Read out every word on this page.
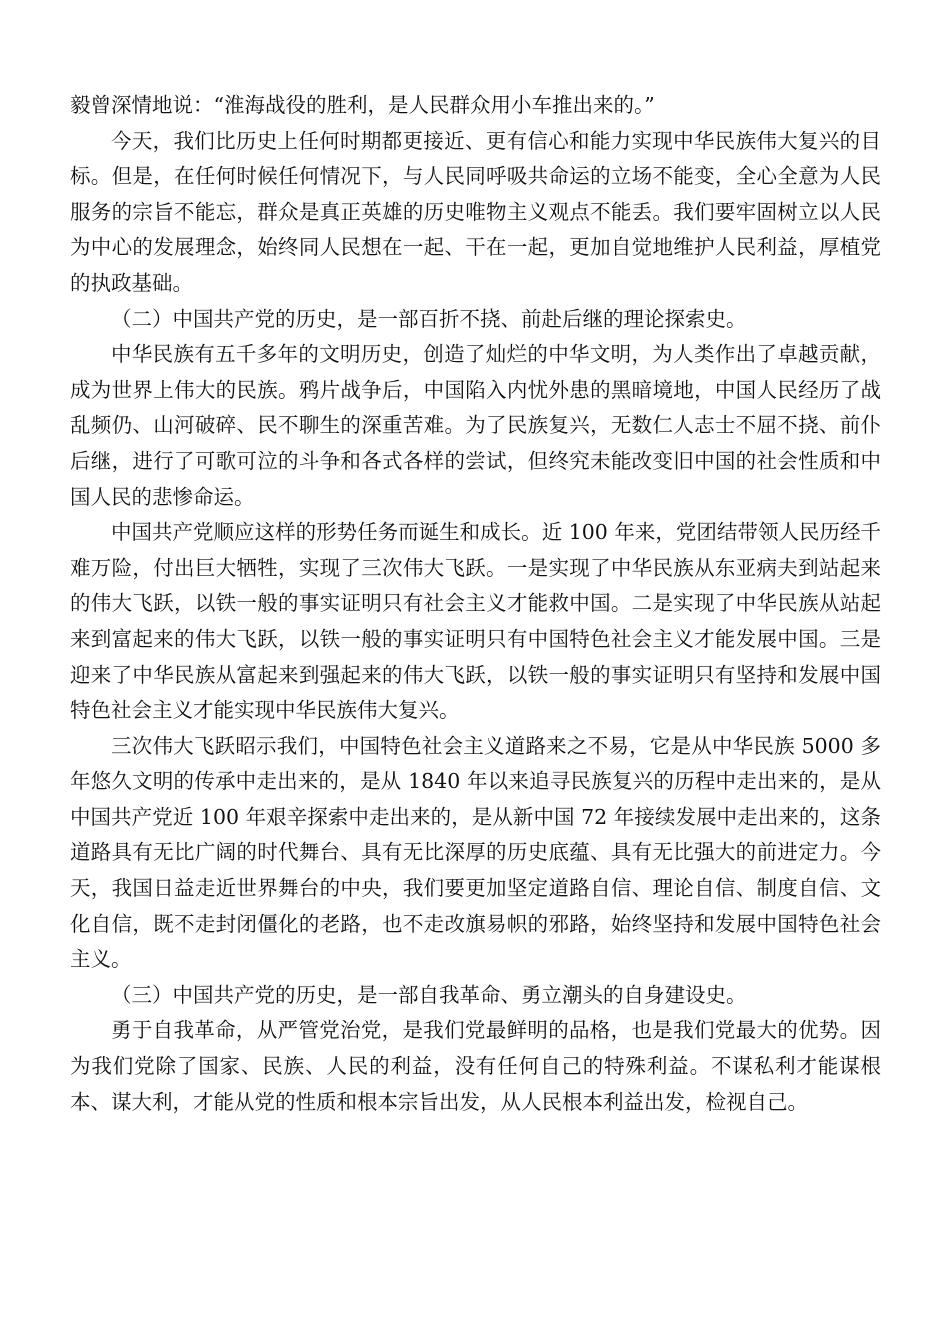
毅曾深情地说：“淮海战役的胜利，是人民群众用小车推出来的。”

今天，我们比历史上任何时期都更接近、更有信心和能力实现中华民族伟大复兴的目标。但是，在任何时候任何情况下，与人民同呼吸共命运的立场不能变，全心全意为人民服务的宗旨不能忘，群众是真正英雄的历史唯物主义观点不能丢。我们要牢固树立以人民为中心的发展理念，始终同人民想在一起、干在一起，更加自觉地维护人民利益，厚植党的执政基础。

（二）中国共产党的历史，是一部百折不挠、前赴后继的理论探索史。

中华民族有五千多年的文明历史，创造了灿烂的中华文明，为人类作出了卓越贡献，成为世界上伟大的民族。鸦片战争后，中国陷入内忧外患的黑暗境地，中国人民经历了战乱频仍、山河破碎、民不聊生的深重苦难。为了民族复兴，无数仁人志士不屈不挠、前仆后继，进行了可歌可泣的斗争和各式各样的尝试，但终究未能改变旧中国的社会性质和中国人民的悲惨命运。

中国共产党顺应这样的形势任务而诞生和成长。近 100 年来，党团结带领人民历经千难万险，付出巨大牺牲，实现了三次伟大飞跃。一是实现了中华民族从东亚病夫到站起来的伟大飞跃，以铁一般的事实证明只有社会主义才能救中国。二是实现了中华民族从站起来到富起来的伟大飞跃，以铁一般的事实证明只有中国特色社会主义才能发展中国。三是迎来了中华民族从富起来到强起来的伟大飞跃，以铁一般的事实证明只有坚持和发展中国特色社会主义才能实现中华民族伟大复兴。

三次伟大飞跃昭示我们，中国特色社会主义道路来之不易，它是从中华民族 5000 多年悠久文明的传承中走出来的，是从 1840 年以来追寻民族复兴的历程中走出来的，是从中国共产党近 100 年艰辛探索中走出来的，是从新中国 72 年接续发展中走出来的，这条道路具有无比广阔的时代舞台、具有无比深厚的历史底蕴、具有无比强大的前进定力。今天，我国日益走近世界舞台的中央，我们要更加坚定道路自信、理论自信、制度自信、文化自信，既不走封闭僵化的老路，也不走改旗易帜的邪路，始终坚持和发展中国特色社会主义。

（三）中国共产党的历史，是一部自我革命、勇立潮头的自身建设史。

勇于自我革命，从严管党治党，是我们党最鲜明的品格，也是我们党最大的优势。因为我们党除了国家、民族、人民的利益，没有任何自己的特殊利益。不谋私利才能谋根本、谋大利，才能从党的性质和根本宗旨出发，从人民根本利益出发，检视自己。
